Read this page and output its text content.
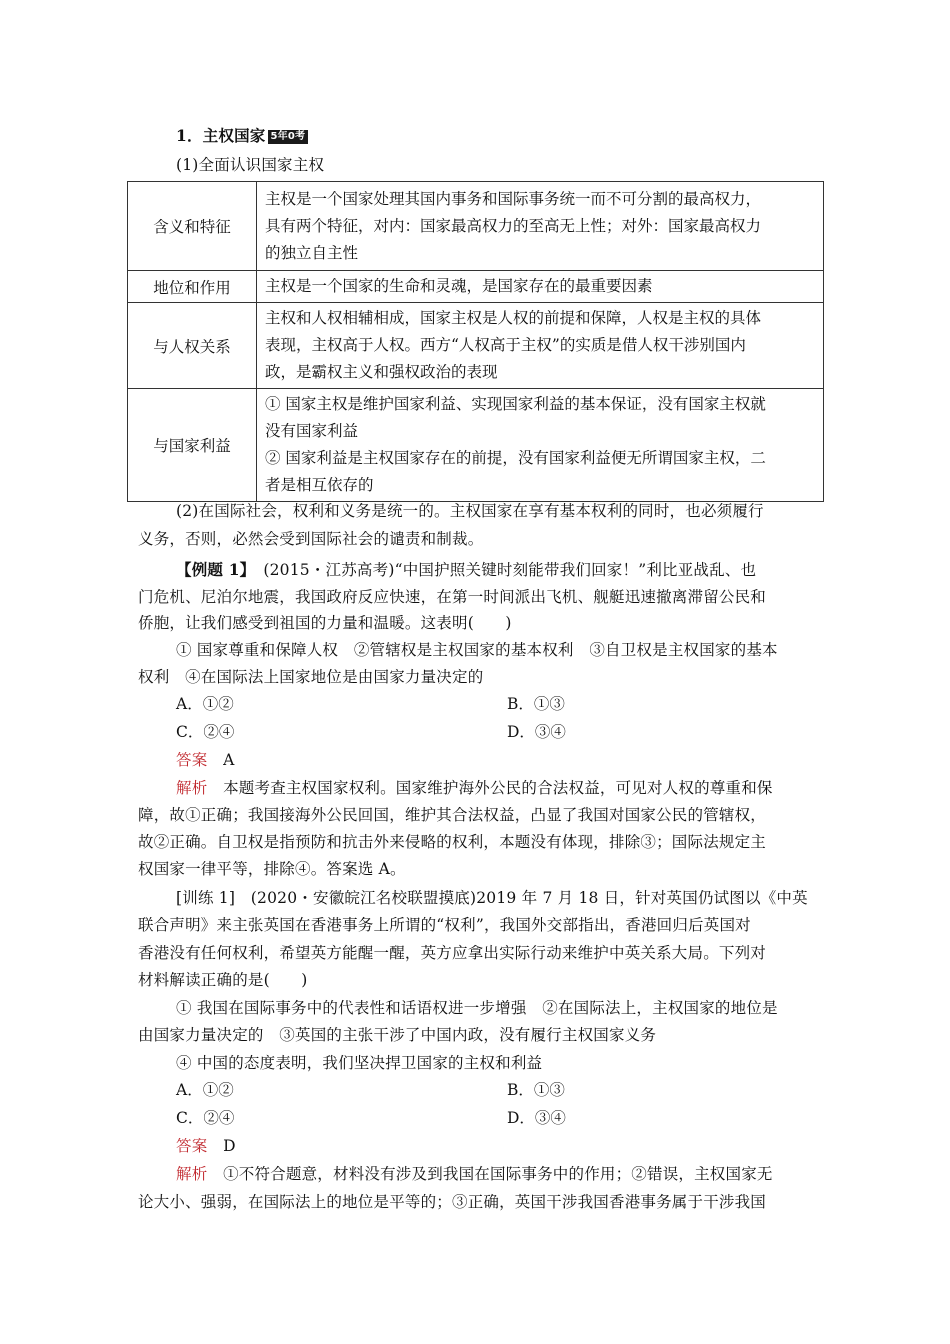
1．主权国家 5年0考
(1)全面认识国家主权
含义和特征	主权是一个国家处理其国内事务和国际事务统一而不可分割的最高权力，
具有两个特征，对内：国家最高权力的至高无上性；对外：国家最高权力
的独立自主性

地位和作用	主权是一个国家的生命和灵魂，是国家存在的最重要因素

与人权关系	主权和人权相辅相成，国家主权是人权的前提和保障，人权是主权的具体
表现，主权高于人权。西方“人权高于主权”的实质是借人权干涉别国内
政，是霸权主义和强权政治的表现

与国家利益	① 国家主权是维护国家利益、实现国家利益的基本保证，没有国家主权就
没有国家利益
② 国家利益是主权国家存在的前提，没有国家利益便无所谓国家主权，二
者是相互依存的
(2)在国际社会，权利和义务是统一的。主权国家在享有基本权利的同时，也必须履行
义务，否则，必然会受到国际社会的谴责和制裁。
【例题 1】　 (2015・江苏高考)“中国护照关键时刻能带我们回家！”利比亚战乱、也
门危机、尼泊尔地震，我国政府反应快速，在第一时间派出飞机、舰艇迅速撤离滞留公民和
侨胞，让我们感受到祖国的力量和温暖。这表明(　　)
① 国家尊重和保障人权　②管辖权是主权国家的基本权利　③自卫权是主权国家的基本
权利　④在国际法上国家地位是由国家力量决定的
A．①②	B．①③
C．②④	D．③④
答案　 A
解析　 本题考查主权国家权利。国家维护海外公民的合法权益，可见对人权的尊重和保
障，故①正确；我国接海外公民回国，维护其合法权益，凸显了我国对国家公民的管辖权，
故②正确。自卫权是指预防和抗击外来侵略的权利，本题没有体现，排除③；国际法规定主
权国家一律平等，排除④。答案选 A。
[训练 1]　 (2020・安徽皖江名校联盟摸底)2019 年 7 月 18 日，针对英国仍试图以《中英
联合声明》来主张英国在香港事务上所谓的“权利”，我国外交部指出，香港回归后英国对
香港没有任何权利，希望英方能醒一醒，英方应拿出实际行动来维护中英关系大局。下列对
材料解读正确的是(　　)
① 我国在国际事务中的代表性和话语权进一步增强　②在国际法上，主权国家的地位是
由国家力量决定的　③英国的主张干涉了中国内政，没有履行主权国家义务
④ 中国的态度表明，我们坚决捍卫国家的主权和利益
A．①②	B．①③
C．②④	D．③④
答案　 D
解析　 ①不符合题意，材料没有涉及到我国在国际事务中的作用；②错误，主权国家无
论大小、强弱，在国际法上的地位是平等的；③正确，英国干涉我国香港事务属于干涉我国
